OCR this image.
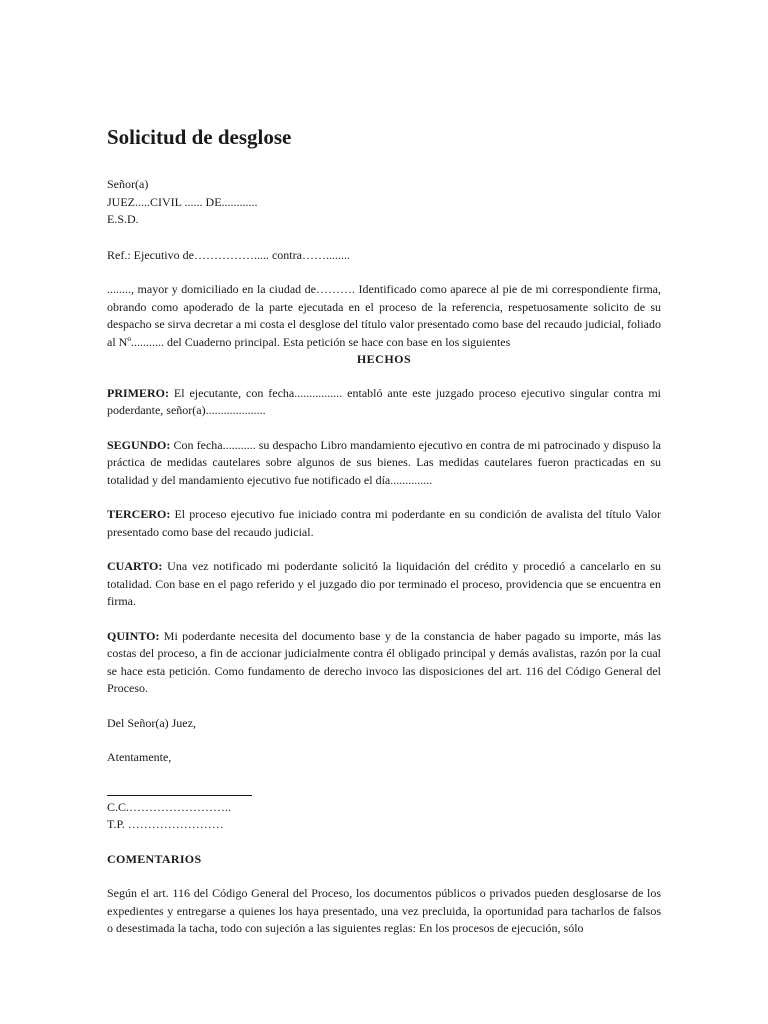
Solicitud de desglose
Señor(a)
JUEZ.....CIVIL ...... DE............
E.S.D.

Ref.: Ejecutivo de……………..... contra……........

........, mayor y domiciliado en la ciudad de………. Identificado como aparece al pie de mi correspondiente firma, obrando como apoderado de la parte ejecutada en el proceso de la referencia, respetuosamente solicito de su despacho se sirva decretar a mi costa el desglose del título valor presentado como base del recaudo judicial, foliado al Nº........... del Cuaderno principal. Esta petición se hace con base en los siguientes

HECHOS

PRIMERO: El ejecutante, con fecha................ entabló ante este juzgado proceso ejecutivo singular contra mi poderdante, señor(a)....................

SEGUNDO: Con fecha........... su despacho Libro mandamiento ejecutivo en contra de mi patrocinado y dispuso la práctica de medidas cautelares sobre algunos de sus bienes. Las medidas cautelares fueron practicadas en su totalidad y del mandamiento ejecutivo fue notificado el día..............

TERCERO: El proceso ejecutivo fue iniciado contra mi poderdante en su condición de avalista del título Valor presentado como base del recaudo judicial.

CUARTO: Una vez notificado mi poderdante solicitó la liquidación del crédito y procedió a cancelarlo en su totalidad. Con base en el pago referido y el juzgado dio por terminado el proceso, providencia que se encuentra en firma.

QUINTO: Mi poderdante necesita del documento base y de la constancia de haber pagado su importe, más las costas del proceso, a fin de accionar judicialmente contra él obligado principal y demás avalistas, razón por la cual se hace esta petición. Como fundamento de derecho invoco las disposiciones del art. 116 del Código General del Proceso.

Del Señor(a) Juez,

Atentamente,

C.C.……………………..

T.P. ……………………

COMENTARIOS

Según el art. 116 del Código General del Proceso, los documentos públicos o privados pueden desglosarse de los expedientes y entregarse a quienes los haya presentado, una vez precluida, la oportunidad para tacharlos de falsos o desestimada la tacha, todo con sujeción a las siguientes reglas: En los procesos de ejecución, sólo
